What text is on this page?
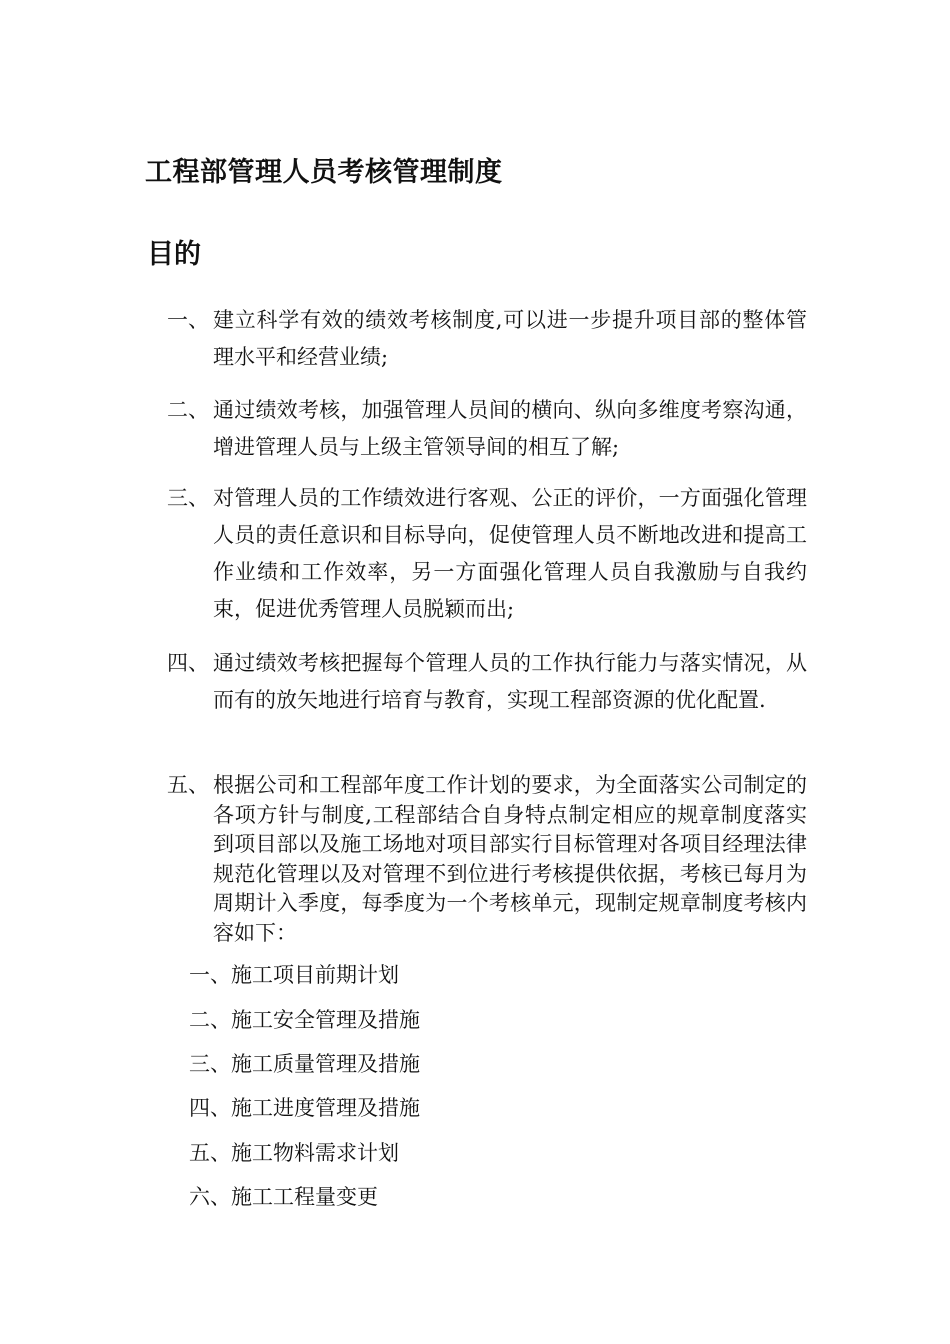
工程部管理人员考核管理制度
目的
一、 建立科学有效的绩效考核制度,可以进一步提升项目部的整体管理水平和经营业绩;
二、 通过绩效考核，加强管理人员间的横向、纵向多维度考察沟通，增进管理人员与上级主管领导间的相互了解;
三、 对管理人员的工作绩效进行客观、公正的评价，一方面强化管理人员的责任意识和目标导向，促使管理人员不断地改进和提高工作业绩和工作效率，另一方面强化管理人员自我激励与自我约束，促进优秀管理人员脱颖而出;
四、 通过绩效考核把握每个管理人员的工作执行能力与落实情况，从而有的放矢地进行培育与教育，实现工程部资源的优化配置.
五、 根据公司和工程部年度工作计划的要求，为全面落实公司制定的各项方针与制度,工程部结合自身特点制定相应的规章制度落实到项目部以及施工场地对项目部实行目标管理对各项目经理法律规范化管理以及对管理不到位进行考核提供依据，考核已每月为周期计入季度，每季度为一个考核单元，现制定规章制度考核内容如下：
一、施工项目前期计划
二、施工安全管理及措施
三、施工质量管理及措施
四、施工进度管理及措施
五、施工物料需求计划
六、施工工程量变更
